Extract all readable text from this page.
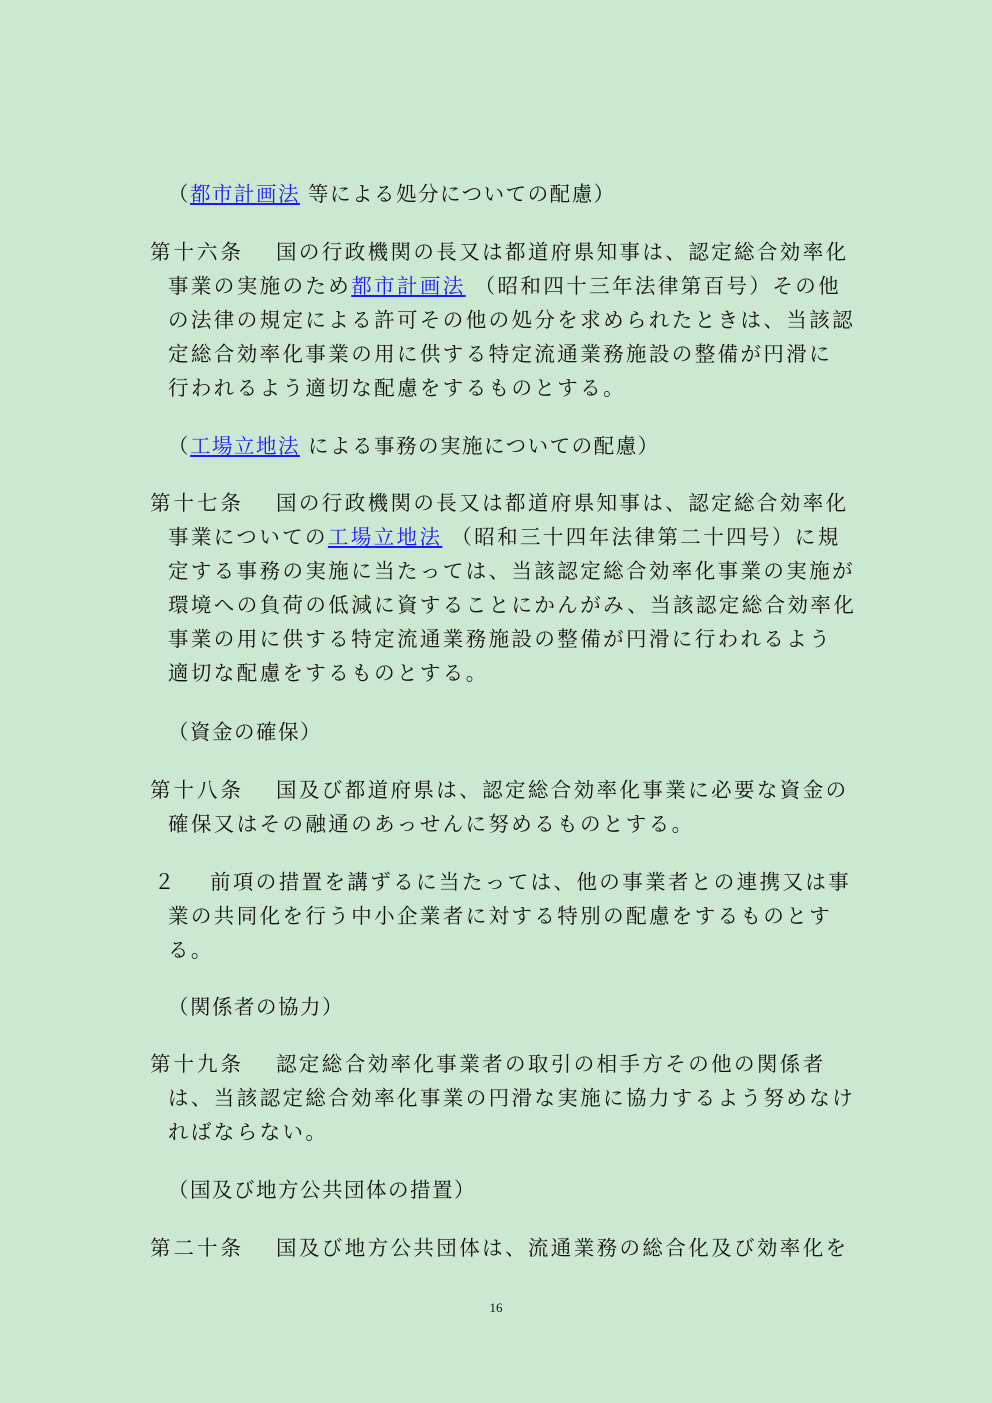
（都市計画法 等による処分についての配慮）
第十六条 国の行政機関の長又は都道府県知事は、認定総合効率化
事業の実施のため都市計画法 （昭和四十三年法律第百号）その他
の法律の規定による許可その他の処分を求められたときは、当該認
定総合効率化事業の用に供する特定流通業務施設の整備が円滑に
行われるよう適切な配慮をするものとする。
（工場立地法 による事務の実施についての配慮）
第十七条 国の行政機関の長又は都道府県知事は、認定総合効率化
事業についての工場立地法 （昭和三十四年法律第二十四号）に規
定する事務の実施に当たっては、当該認定総合効率化事業の実施が
環境への負荷の低減に資することにかんがみ、当該認定総合効率化
事業の用に供する特定流通業務施設の整備が円滑に行われるよう
適切な配慮をするものとする。
（資金の確保）
第十八条 国及び都道府県は、認定総合効率化事業に必要な資金の
確保又はその融通のあっせんに努めるものとする。
２ 前項の措置を講ずるに当たっては、他の事業者との連携又は事
業の共同化を行う中小企業者に対する特別の配慮をするものとす
る。
（関係者の協力）
第十九条 認定総合効率化事業者の取引の相手方その他の関係者
は、当該認定総合効率化事業の円滑な実施に協力するよう努めなけ
ればならない。
（国及び地方公共団体の措置）
第二十条 国及び地方公共団体は、流通業務の総合化及び効率化を
16
